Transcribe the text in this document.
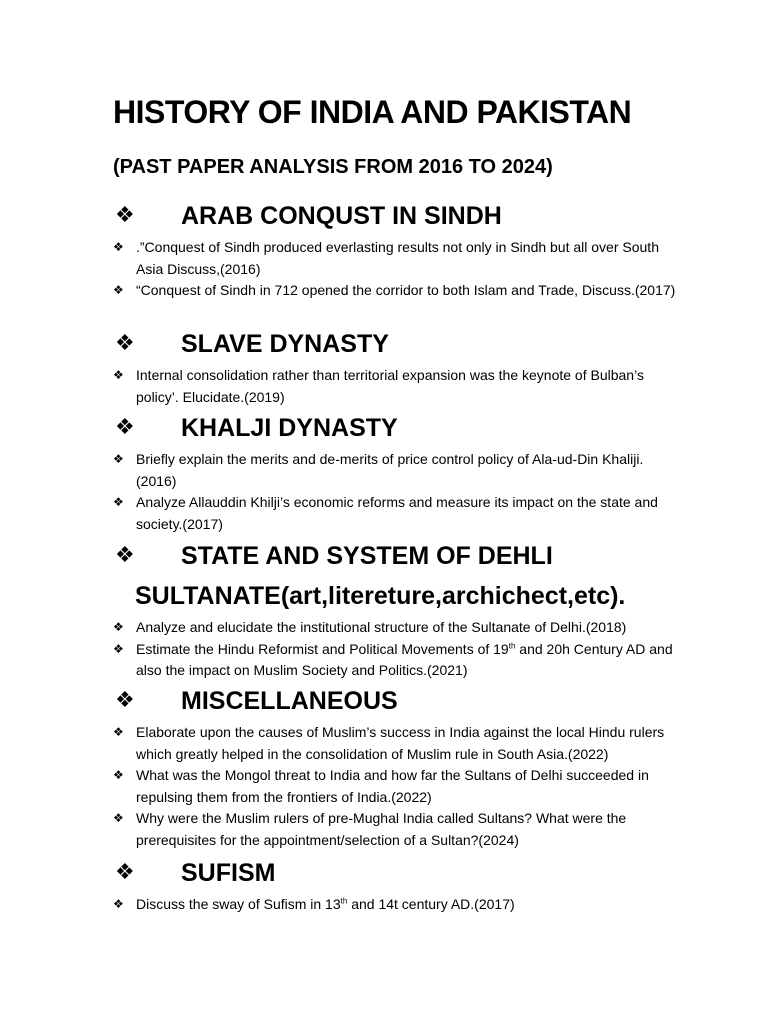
HISTORY OF INDIA AND PAKISTAN
(PAST PAPER ANALYSIS FROM 2016 TO 2024)
❖ ARAB CONQUST IN SINDH
❖ .”Conquest of Sindh produced everlasting results not only in Sindh but all over South Asia Discuss,(2016)
❖ “Conquest of Sindh in 712 opened the corridor to both Islam and Trade, Discuss.(2017)
❖ SLAVE DYNASTY
❖ Internal consolidation rather than territorial expansion was the keynote of Bulban’s policy’. Elucidate.(2019)
❖ KHALJI DYNASTY
❖ Briefly explain the merits and de-merits of price control policy of Ala-ud-Din Khaliji.(2016)
❖ Analyze Allauddin Khilji’s economic reforms and measure its impact on the state and society.(2017)
❖ STATE AND SYSTEM OF DEHLI
SULTANATE(art,litereture,archichect,etc).
❖ Analyze and elucidate the institutional structure of the Sultanate of Delhi.(2018)
❖ Estimate the Hindu Reformist and Political Movements of 19th and 20h Century AD and also the impact on Muslim Society and Politics.(2021)
❖ MISCELLANEOUS
❖ Elaborate upon the causes of Muslim’s success in India against the local Hindu rulers which greatly helped in the consolidation of Muslim rule in South Asia.(2022)
❖ What was the Mongol threat to India and how far the Sultans of Delhi succeeded in repulsing them from the frontiers of India.(2022)
❖ Why were the Muslim rulers of pre-Mughal India called Sultans? What were the prerequisites for the appointment/selection of a Sultan?(2024)
❖ SUFISM
❖ Discuss the sway of Sufism in 13th and 14t century AD.(2017)
